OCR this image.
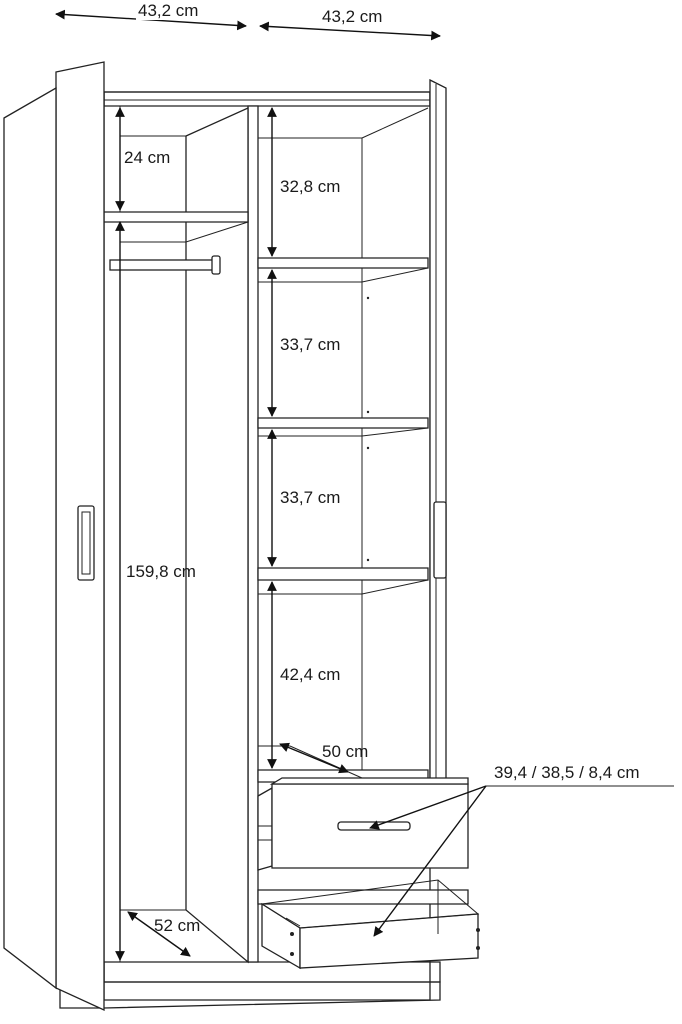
43,2 cm	43,2 cm
24 cm
159,8 cm
52 cm
32,8 cm
33,7 cm
33,7 cm
42,4 cm
50 cm
39,4 / 38,5 / 8,4 cm
